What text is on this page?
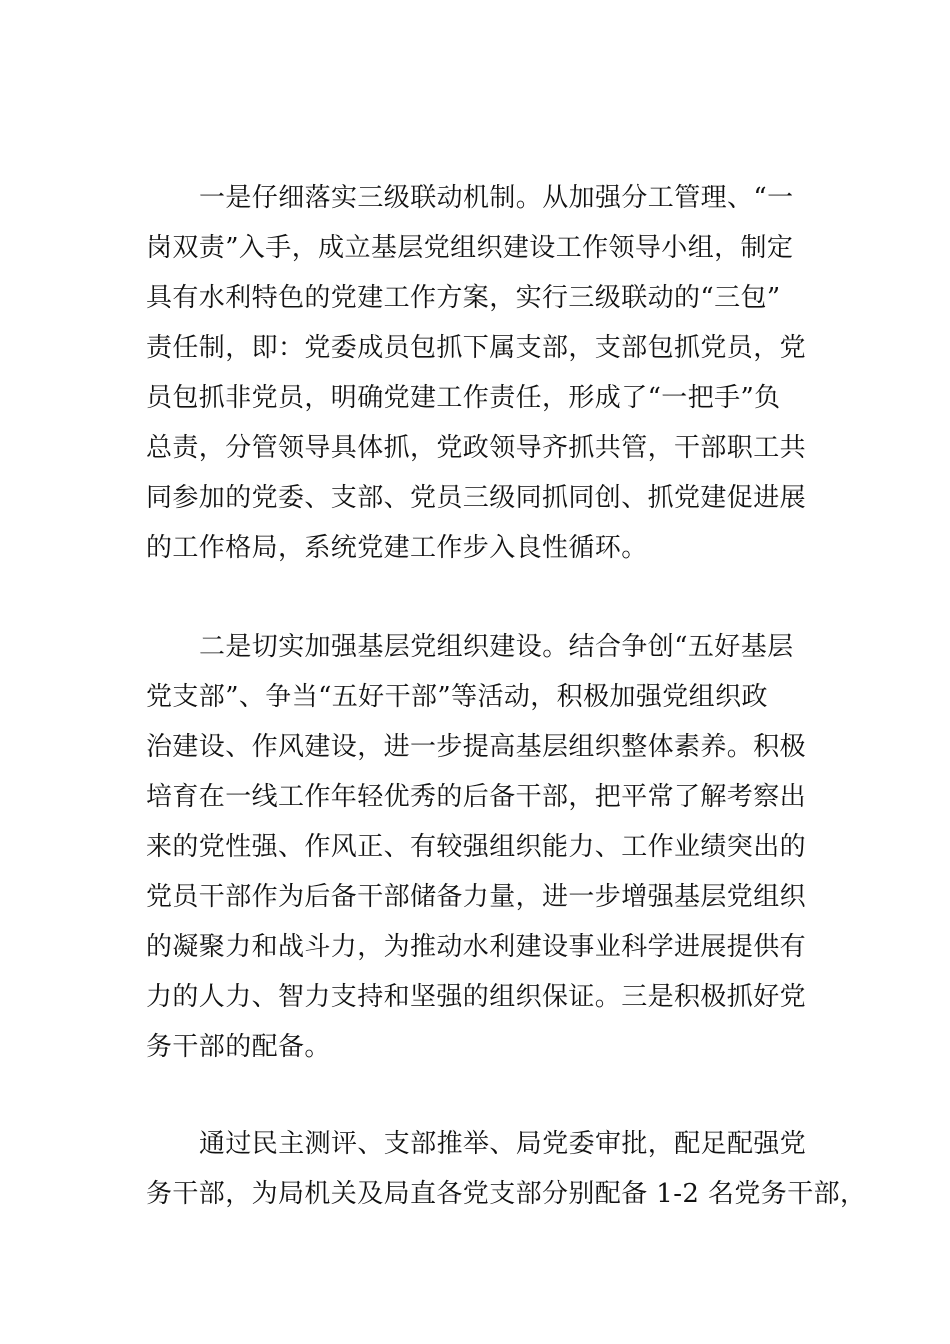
一是仔细落实三级联动机制。从加强分工管理、“一
岗双责”入手，成立基层党组织建设工作领导小组，制定
具有水利特色的党建工作方案，实行三级联动的“三包”
责任制，即：党委成员包抓下属支部，支部包抓党员，党
员包抓非党员，明确党建工作责任，形成了“一把手”负
总责，分管领导具体抓，党政领导齐抓共管，干部职工共
同参加的党委、支部、党员三级同抓同创、抓党建促进展
的工作格局，系统党建工作步入良性循环。
二是切实加强基层党组织建设。结合争创“五好基层
党支部”、争当“五好干部”等活动，积极加强党组织政
治建设、作风建设，进一步提高基层组织整体素养。积极
培育在一线工作年轻优秀的后备干部，把平常了解考察出
来的党性强、作风正、有较强组织能力、工作业绩突出的
党员干部作为后备干部储备力量，进一步增强基层党组织
的凝聚力和战斗力，为推动水利建设事业科学进展提供有
力的人力、智力支持和坚强的组织保证。三是积极抓好党
务干部的配备。
通过民主测评、支部推举、局党委审批，配足配强党
务干部，为局机关及局直各党支部分别配备 1-2 名党务干部，
